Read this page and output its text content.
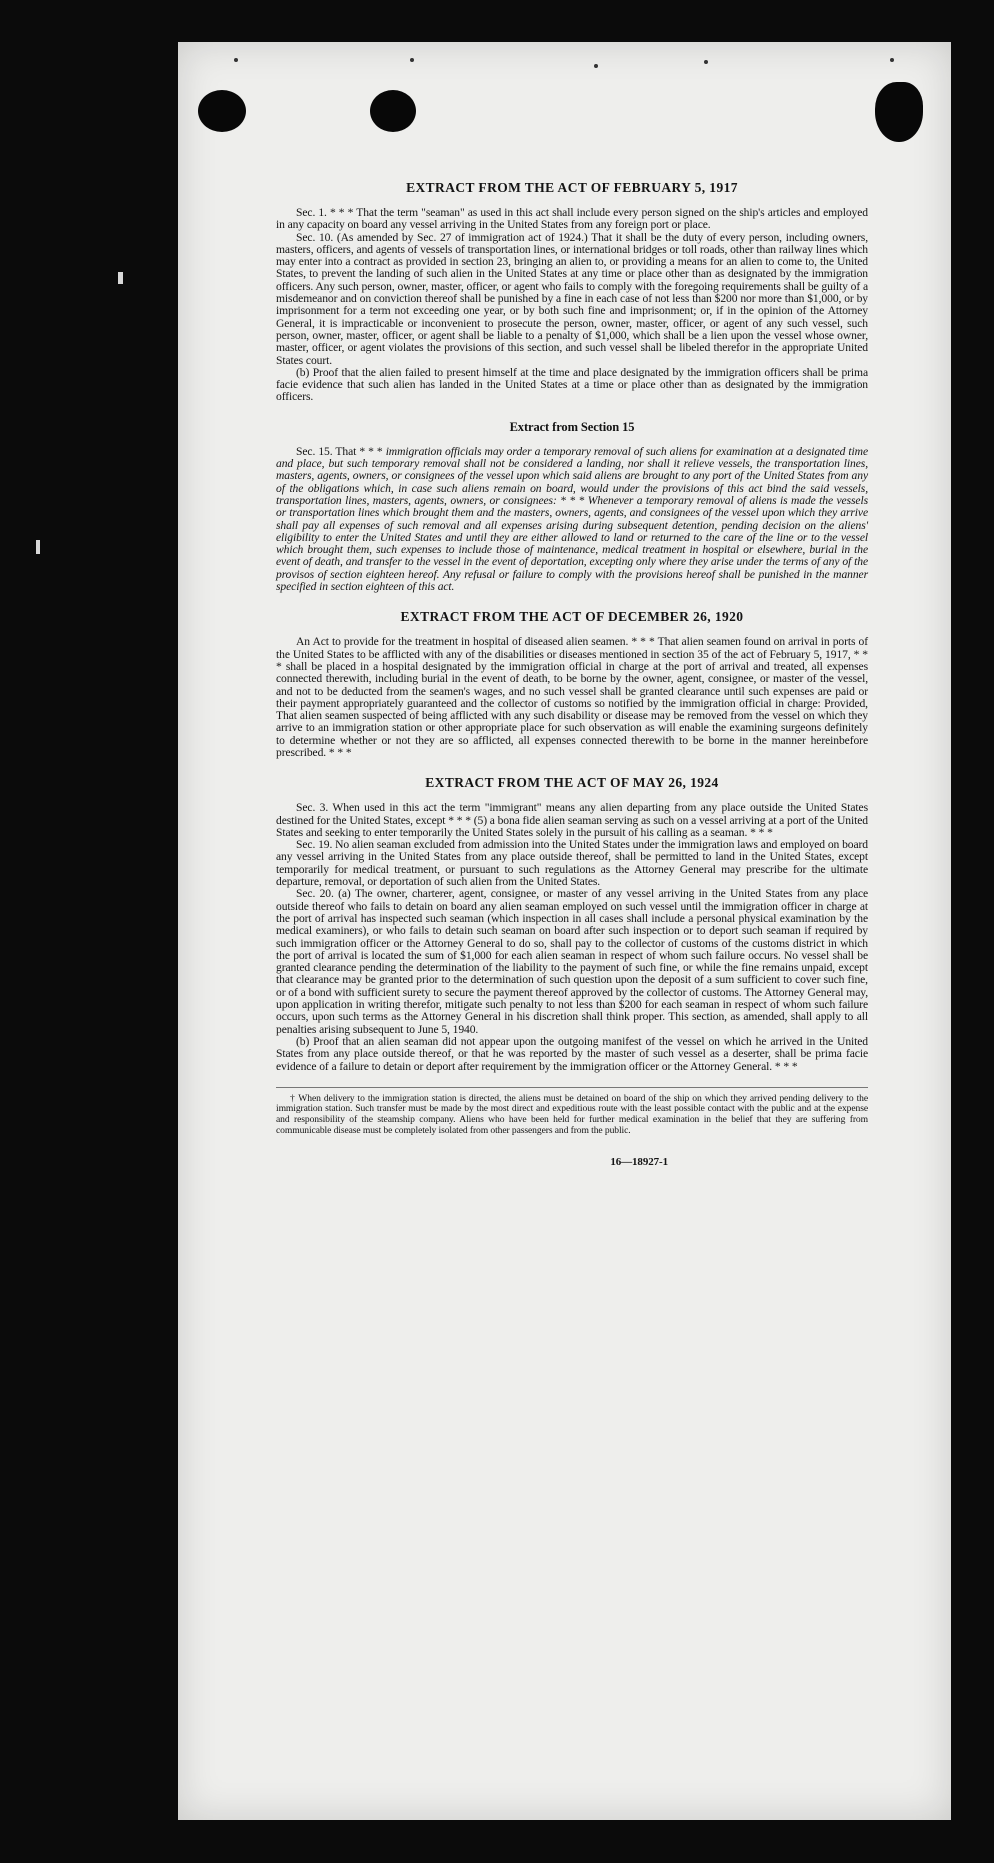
EXTRACT FROM THE ACT OF FEBRUARY 5, 1917

Sec. 1. * * * That the term "seaman" as used in this act shall include every person signed on the ship's articles and employed in any capacity on board any vessel arriving in the United States from any foreign port or place.

Sec. 10. (As amended by Sec. 27 of immigration act of 1924.) That it shall be the duty of every person, including owners, masters, officers, and agents of vessels of transportation lines, or international bridges or toll roads, other than railway lines which may enter into a contract as provided in section 23, bringing an alien to, or providing a means for an alien to come to, the United States, to prevent the landing of such alien in the United States at any time or place other than as designated by the immigration officers. Any such person, owner, master, officer, or agent who fails to comply with the foregoing requirements shall be guilty of a misdemeanor and on conviction thereof shall be punished by a fine in each case of not less than $200 nor more than $1,000, or by imprisonment for a term not exceeding one year, or by both such fine and imprisonment; or, if in the opinion of the Attorney General, it is impracticable or inconvenient to prosecute the person, owner, master, officer, or agent of any such vessel, such person, owner, master, officer, or agent shall be liable to a penalty of $1,000, which shall be a lien upon the vessel whose owner, master, officer, or agent violates the provisions of this section, and such vessel shall be libeled therefor in the appropriate United States court.

(b) Proof that the alien failed to present himself at the time and place designated by the immigration officers shall be prima facie evidence that such alien has landed in the United States at a time or place other than as designated by the immigration officers.

Extract from Section 15

Sec. 15. That * * * immigration officials may order a temporary removal of such aliens for examination at a designated time and place, but such temporary removal shall not be considered a landing, nor shall it relieve vessels, the transportation lines, masters, agents, owners, or consignees of the vessel upon which said aliens are brought to any port of the United States from any of the obligations which, in case such aliens remain on board, would under the provisions of this act bind the said vessels, transportation lines, masters, agents, owners, or consignees: * * * Whenever a temporary removal of aliens is made the vessels or transportation lines which brought them and the masters, owners, agents, and consignees of the vessel upon which they arrive shall pay all expenses of such removal and all expenses arising during subsequent detention, pending decision on the aliens' eligibility to enter the United States and until they are either allowed to land or returned to the care of the line or to the vessel which brought them, such expenses to include those of maintenance, medical treatment in hospital or elsewhere, burial in the event of death, and transfer to the vessel in the event of deportation, excepting only where they arise under the terms of any of the provisos of section eighteen hereof. Any refusal or failure to comply with the provisions hereof shall be punished in the manner specified in section eighteen of this act.

EXTRACT FROM THE ACT OF DECEMBER 26, 1920

An Act to provide for the treatment in hospital of diseased alien seamen. * * * That alien seamen found on arrival in ports of the United States to be afflicted with any of the disabilities or diseases mentioned in section 35 of the act of February 5, 1917, * * * shall be placed in a hospital designated by the immigration official in charge at the port of arrival and treated, all expenses connected therewith, including burial in the event of death, to be borne by the owner, agent, consignee, or master of the vessel, and not to be deducted from the seamen's wages, and no such vessel shall be granted clearance until such expenses are paid or their payment appropriately guaranteed and the collector of customs so notified by the immigration official in charge: Provided, That alien seamen suspected of being afflicted with any such disability or disease may be removed from the vessel on which they arrive to an immigration station or other appropriate place for such observation as will enable the examining surgeons definitely to determine whether or not they are so afflicted, all expenses connected therewith to be borne in the manner hereinbefore prescribed. * * *

EXTRACT FROM THE ACT OF MAY 26, 1924

Sec. 3. When used in this act the term "immigrant" means any alien departing from any place outside the United States destined for the United States, except * * * (5) a bona fide alien seaman serving as such on a vessel arriving at a port of the United States and seeking to enter temporarily the United States solely in the pursuit of his calling as a seaman. * * *

Sec. 19. No alien seaman excluded from admission into the United States under the immigration laws and employed on board any vessel arriving in the United States from any place outside thereof, shall be permitted to land in the United States, except temporarily for medical treatment, or pursuant to such regulations as the Attorney General may prescribe for the ultimate departure, removal, or deportation of such alien from the United States.

Sec. 20. (a) The owner, charterer, agent, consignee, or master of any vessel arriving in the United States from any place outside thereof who fails to detain on board any alien seaman employed on such vessel until the immigration officer in charge at the port of arrival has inspected such seaman (which inspection in all cases shall include a personal physical examination by the medical examiners), or who fails to detain such seaman on board after such inspection or to deport such seaman if required by such immigration officer or the Attorney General to do so, shall pay to the collector of customs of the customs district in which the port of arrival is located the sum of $1,000 for each alien seaman in respect of whom such failure occurs. No vessel shall be granted clearance pending the determination of the liability to the payment of such fine, or while the fine remains unpaid, except that clearance may be granted prior to the determination of such question upon the deposit of a sum sufficient to cover such fine, or of a bond with sufficient surety to secure the payment thereof approved by the collector of customs. The Attorney General may, upon application in writing therefor, mitigate such penalty to not less than $200 for each seaman in respect of whom such failure occurs, upon such terms as the Attorney General in his discretion shall think proper. This section, as amended, shall apply to all penalties arising subsequent to June 5, 1940.

(b) Proof that an alien seaman did not appear upon the outgoing manifest of the vessel on which he arrived in the United States from any place outside thereof, or that he was reported by the master of such vessel as a deserter, shall be prima facie evidence of a failure to detain or deport after requirement by the immigration officer or the Attorney General. * * *

† When delivery to the immigration station is directed, the aliens must be detained on board of the ship on which they arrived pending delivery to the immigration station. Such transfer must be made by the most direct and expeditious route with the least possible contact with the public and at the expense and responsibility of the steamship company. Aliens who have been held for further medical examination in the belief that they are suffering from communicable disease must be completely isolated from other passengers and from the public.

16—18927-1
